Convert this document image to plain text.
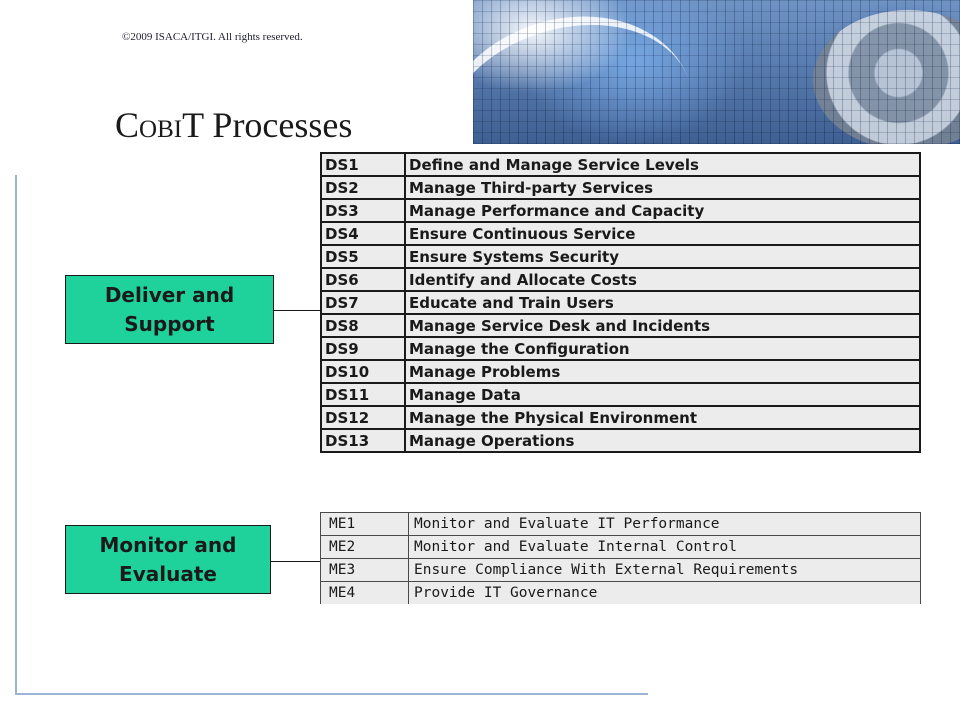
©2009 ISACA/ITGI. All rights reserved.
COBIT Processes
Deliver and
Support
Monitor and
Evaluate
DS1	Define and Manage Service Levels
DS2	Manage Third-party Services
DS3	Manage Performance and Capacity
DS4	Ensure Continuous Service
DS5	Ensure Systems Security
DS6	Identify and Allocate Costs
DS7	Educate and Train Users
DS8	Manage Service Desk and Incidents
DS9	Manage the Configuration
DS10	Manage Problems
DS11	Manage Data
DS12	Manage the Physical Environment
DS13	Manage Operations
ME1	Monitor and Evaluate IT Performance
ME2	Monitor and Evaluate Internal Control
ME3	Ensure Compliance With External Requirements
ME4	Provide IT Governance
